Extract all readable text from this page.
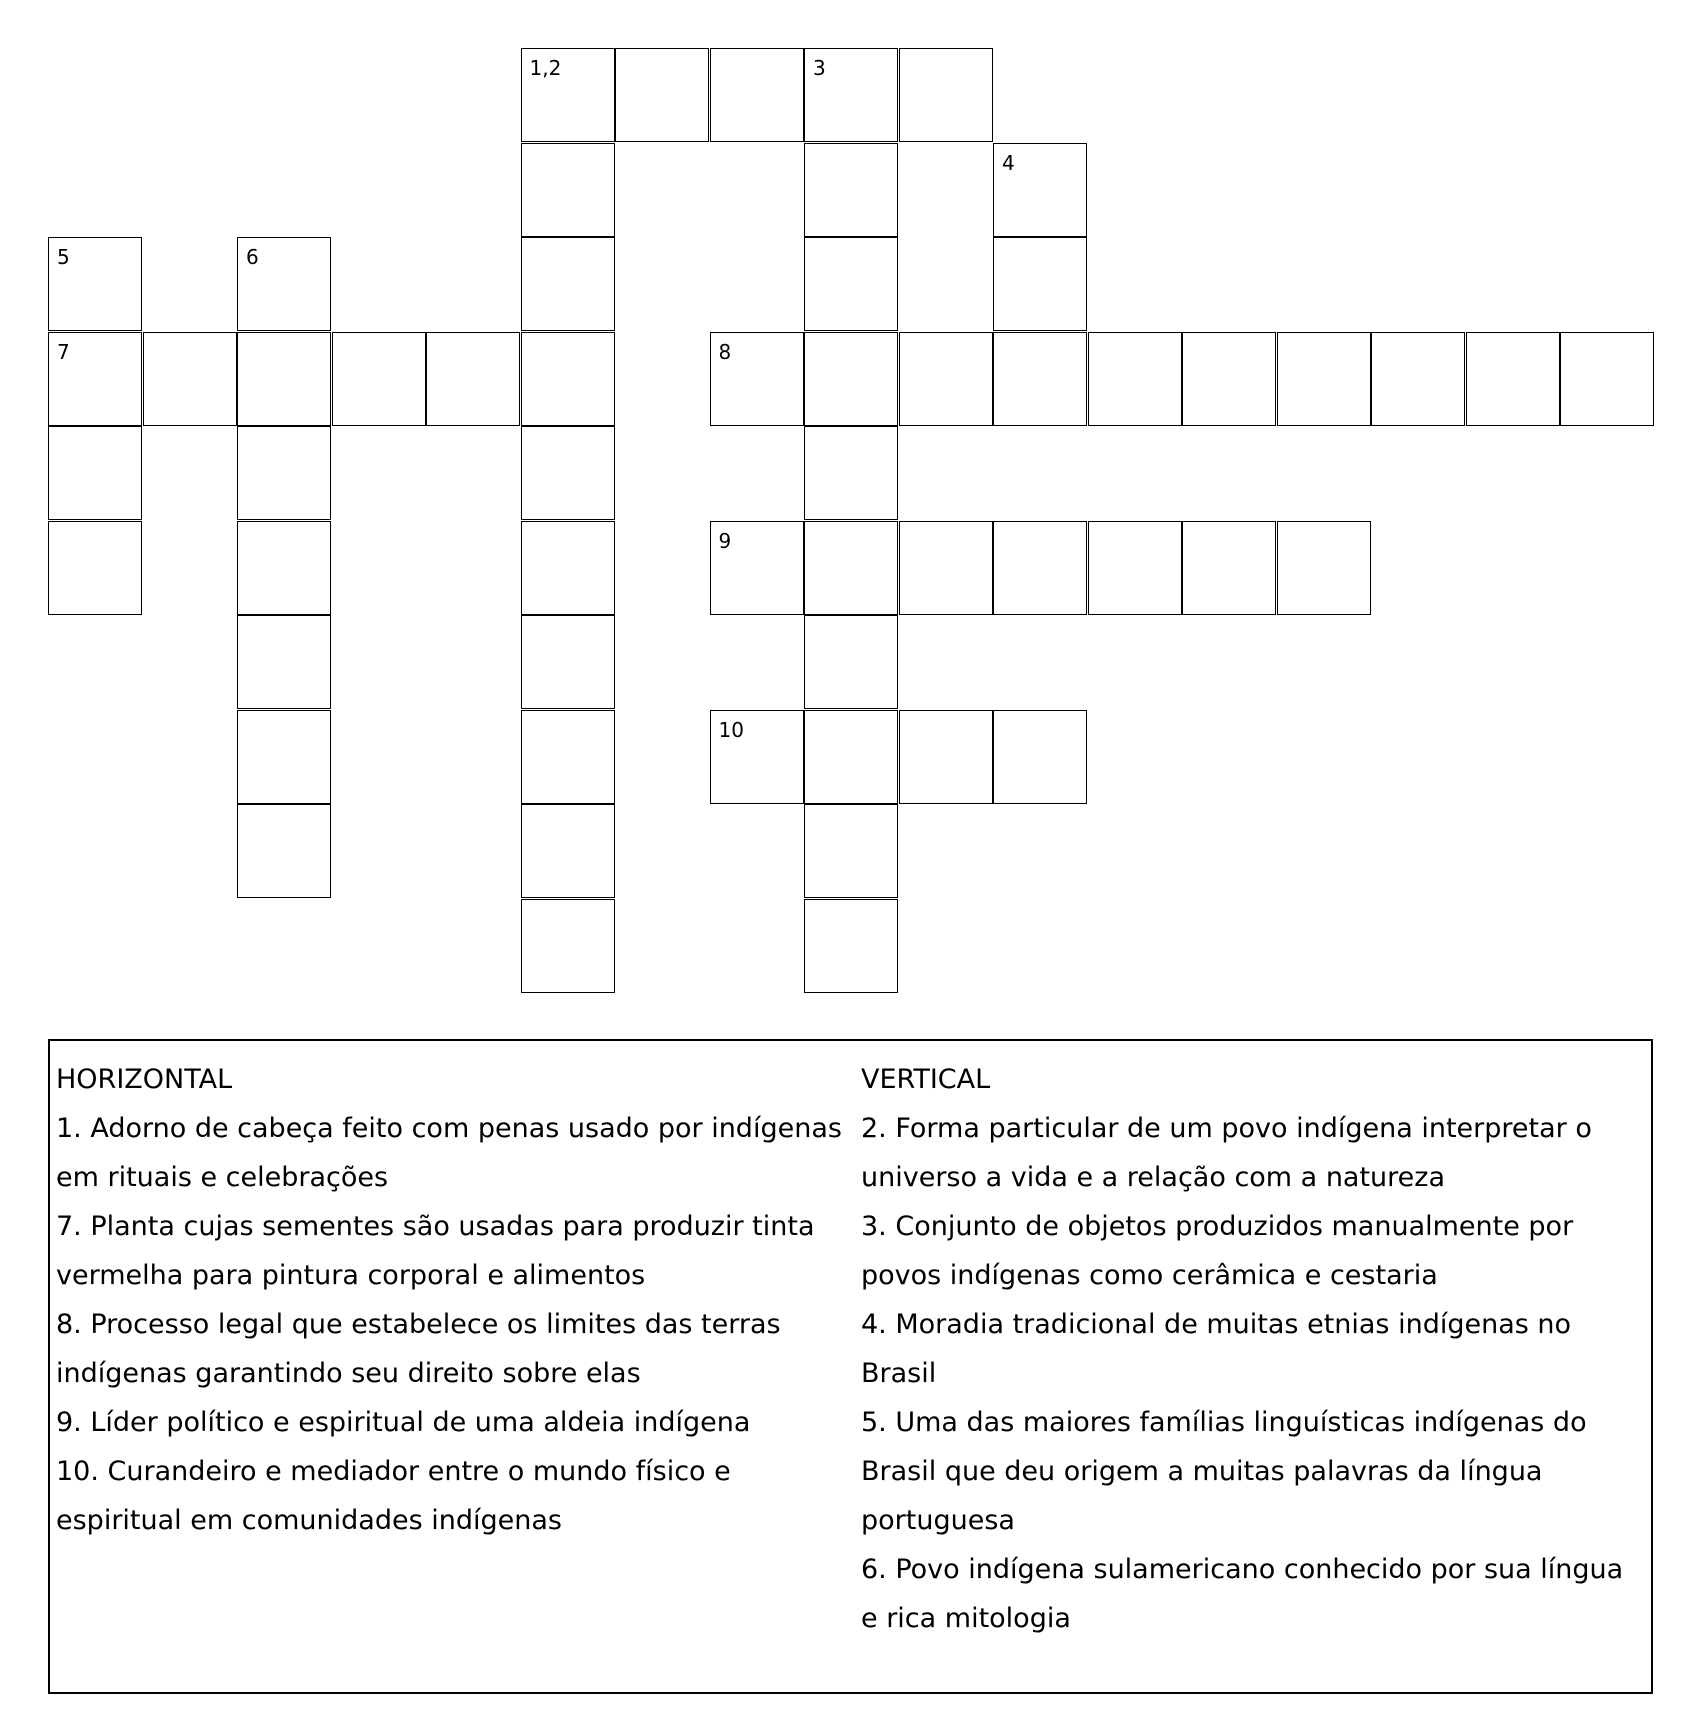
1,2	3
4
5	6
7	8
9
10
HORIZONTAL
1. Adorno de cabeça feito com penas usado por indígenas em rituais e celebrações
7. Planta cujas sementes são usadas para produzir tinta vermelha para pintura corporal e alimentos
8. Processo legal que estabelece os limites das terras indígenas garantindo seu direito sobre elas
9. Líder político e espiritual de uma aldeia indígena
10. Curandeiro e mediador entre o mundo físico e espiritual em comunidades indígenas
VERTICAL
2. Forma particular de um povo indígena interpretar o universo a vida e a relação com a natureza
3. Conjunto de objetos produzidos manualmente por povos indígenas como cerâmica e cestaria
4. Moradia tradicional de muitas etnias indígenas no Brasil
5. Uma das maiores famílias linguísticas indígenas do Brasil que deu origem a muitas palavras da língua portuguesa
6. Povo indígena sulamericano conhecido por sua língua e rica mitologia
